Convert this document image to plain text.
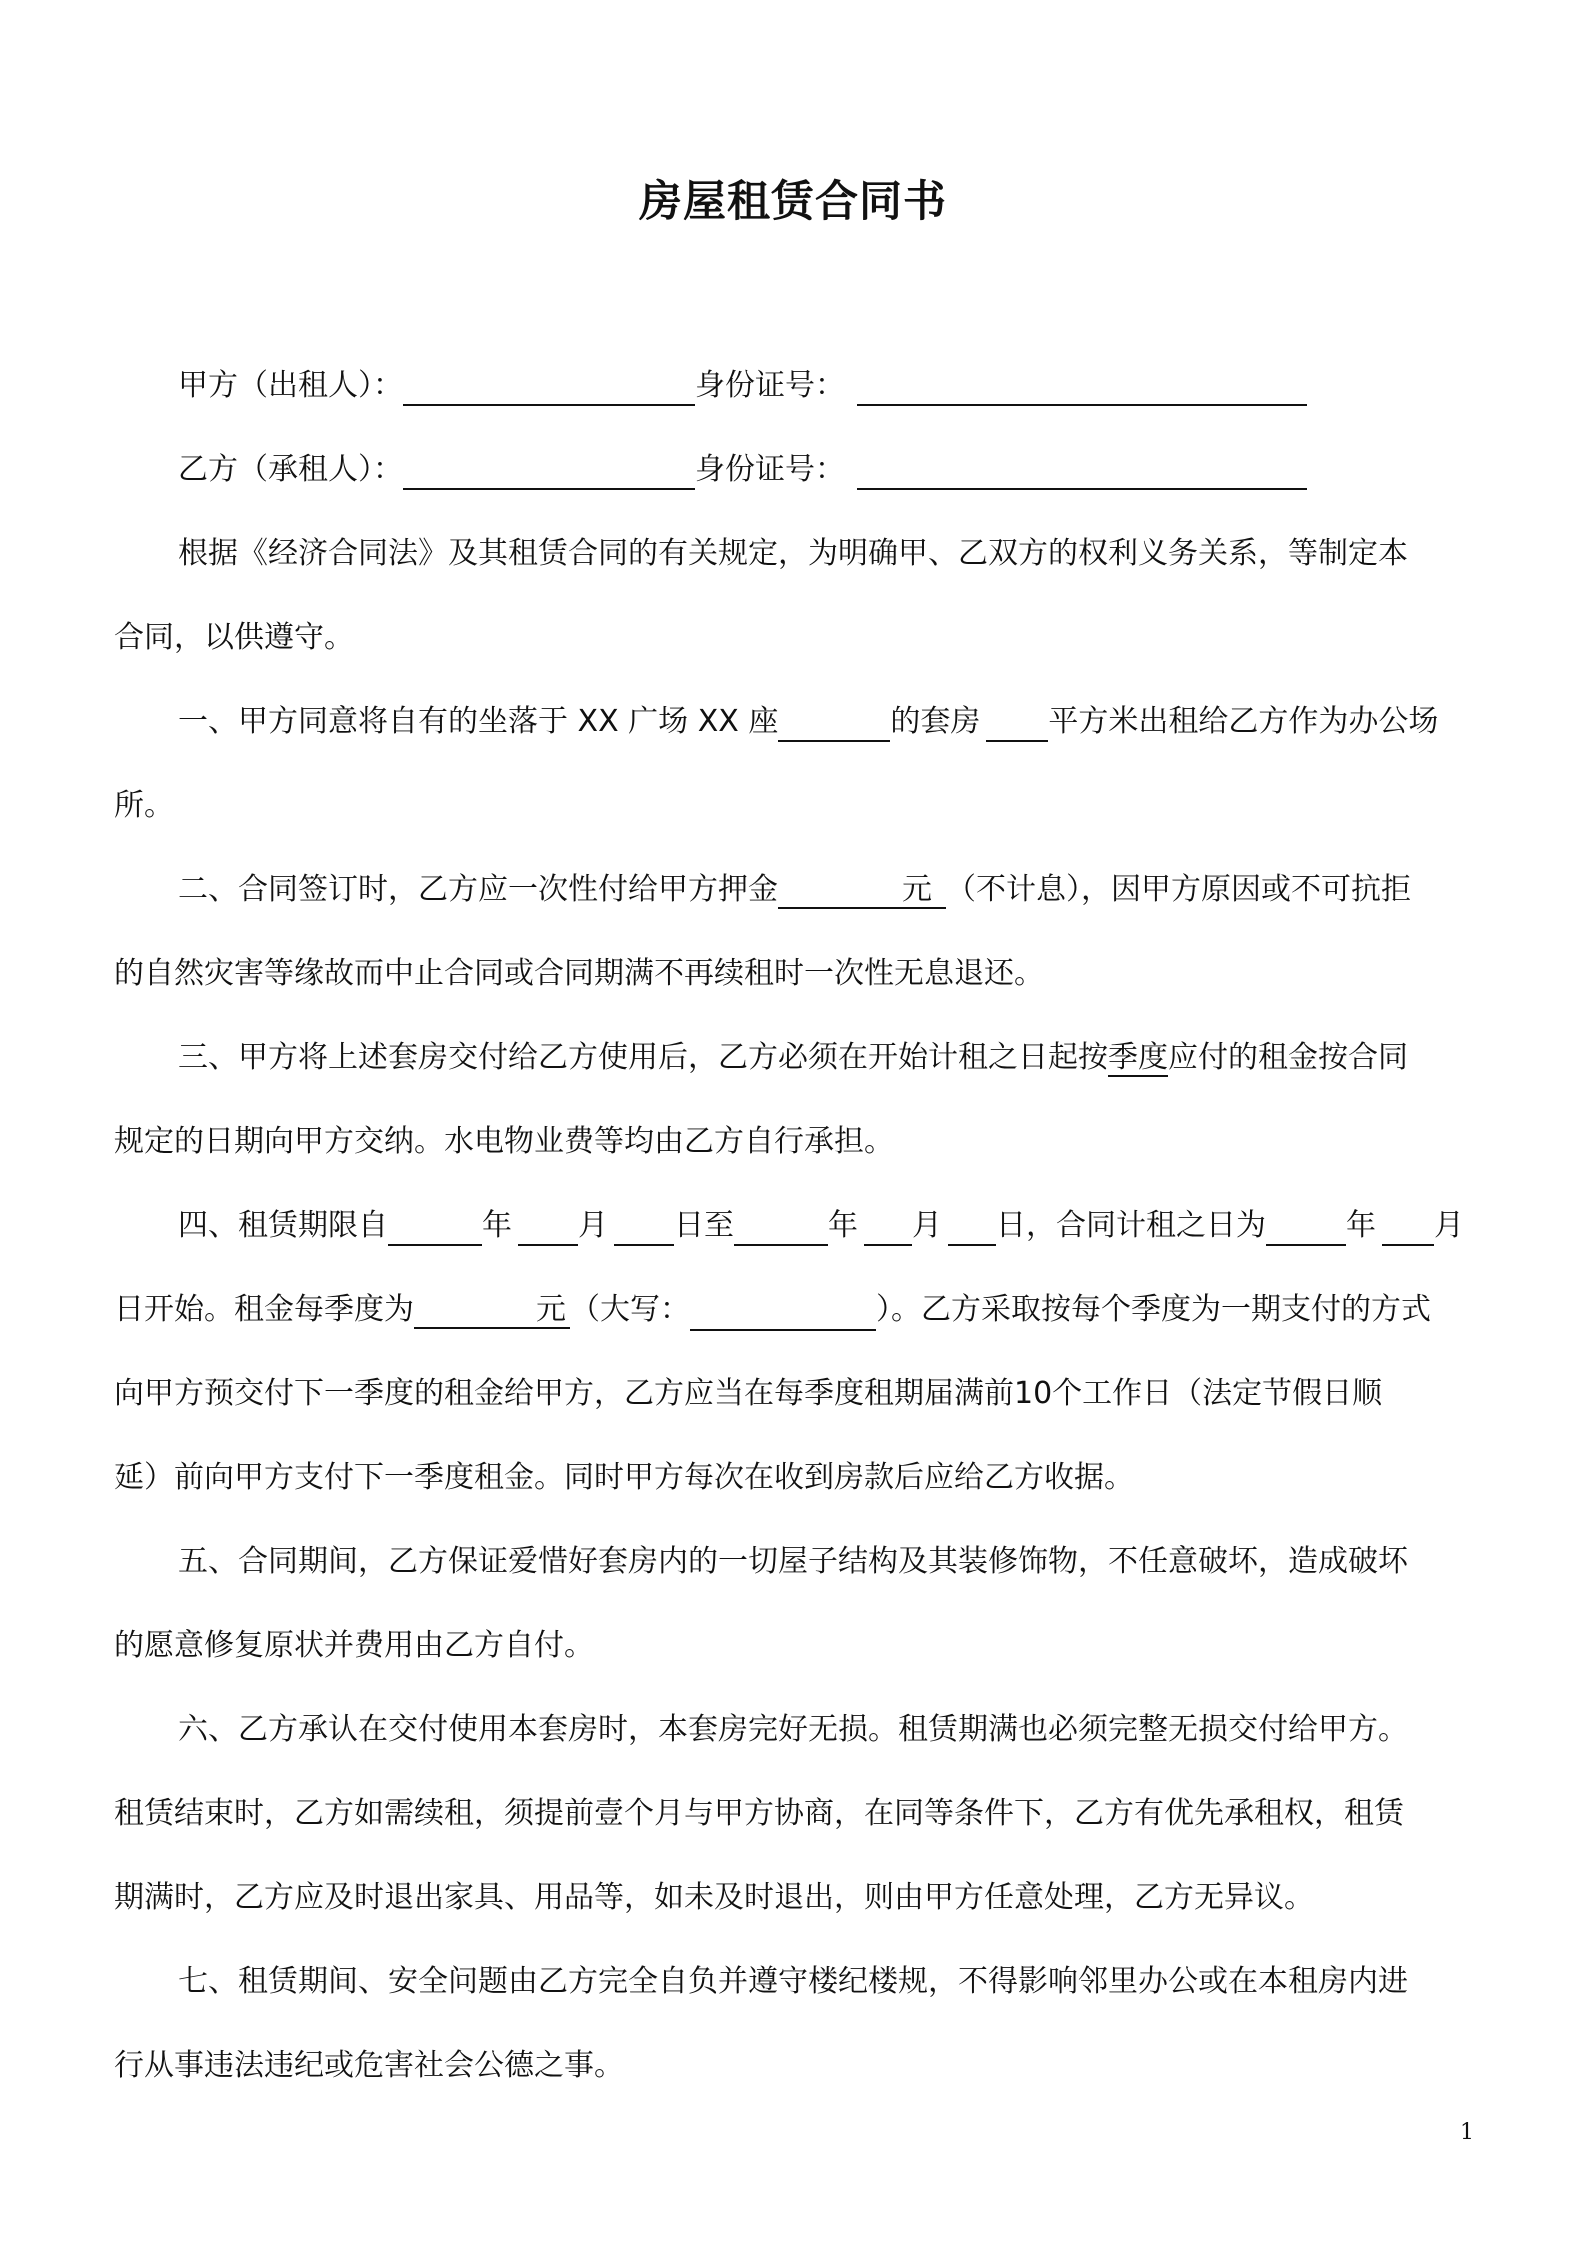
房屋租赁合同书
甲方（出租人）：	身份证号：
乙方（承租人）：	身份证号：
根据《经济合同法》及其租赁合同的有关规定，为明确甲、乙双方的权利义务关系，等制定本
合同，以供遵守。
一、甲方同意将自有的坐落于 XX 广场 XX 座	的套房 平方米出租给乙方作为办公场
所。
二、合同签订时，乙方应一次性付给甲方押金	元 （不计息），因甲方原因或不可抗拒
的自然灾害等缘故而中止合同或合同期满不再续租时一次性无息退还。
三、甲方将上述套房交付给乙方使用后，乙方必须在开始计租之日起按季度应付的租金按合同
规定的日期向甲方交纳。水电物业费等均由乙方自行承担。
四、租赁期限自	年 月 日至	年 月 日，合同计租之日为	年 月
日开始。租金每季度为	元 （大写：	）。乙方采取按每个季度为一期支付的方式
向甲方预交付下一季度的租金给甲方，乙方应当在每季度租期届满前10个工作日（法定节假日顺
延）前向甲方支付下一季度租金。同时甲方每次在收到房款后应给乙方收据。
五、合同期间，乙方保证爱惜好套房内的一切屋子结构及其装修饰物，不任意破坏，造成破坏
的愿意修复原状并费用由乙方自付。
六、乙方承认在交付使用本套房时，本套房完好无损。租赁期满也必须完整无损交付给甲方。
租赁结束时，乙方如需续租，须提前壹个月与甲方协商，在同等条件下，乙方有优先承租权，租赁
期满时，乙方应及时退出家具、用品等，如未及时退出，则由甲方任意处理，乙方无异议。
七、租赁期间、安全问题由乙方完全自负并遵守楼纪楼规，不得影响邻里办公或在本租房内进
行从事违法违纪或危害社会公德之事。
1
